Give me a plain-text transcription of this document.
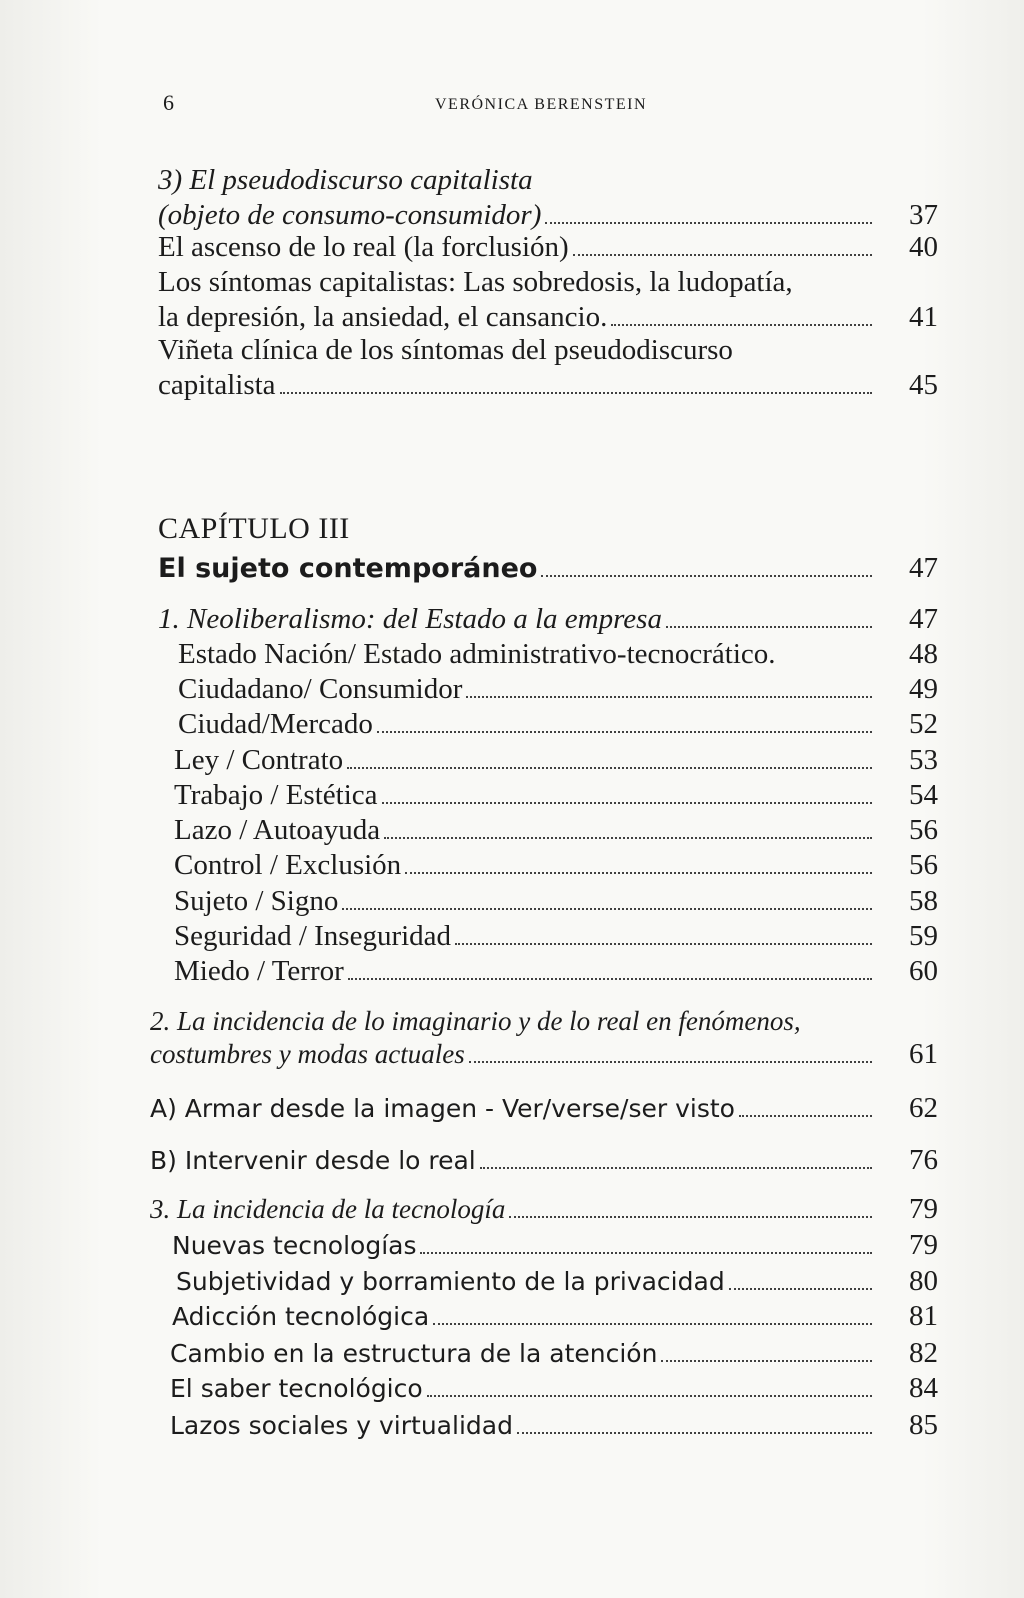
6	VERÓNICA BERENSTEIN
3) El pseudodiscurso capitalista
(objeto de consumo-consumidor)	37
El ascenso de lo real (la forclusión)	40
Los síntomas capitalistas: Las sobredosis, la ludopatía,
la depresión, la ansiedad, el cansancio.	41
Viñeta clínica de los síntomas del pseudodiscurso
capitalista	45
CAPÍTULO III
El sujeto contemporáneo	47
1. Neoliberalismo: del Estado a la empresa	47
Estado Nación/ Estado administrativo-tecnocrático.	48
Ciudadano/ Consumidor	49
Ciudad/Mercado	52
Ley / Contrato	53
Trabajo / Estética	54
Lazo / Autoayuda	56
Control / Exclusión	56
Sujeto / Signo	58
Seguridad / Inseguridad	59
Miedo / Terror	60
2. La incidencia de lo imaginario y de lo real en fenómenos,
costumbres y modas actuales	61
A) Armar desde la imagen - Ver/verse/ser visto	62
B) Intervenir desde lo real	76
3. La incidencia de la tecnología	79
Nuevas tecnologías	79
Subjetividad y borramiento de la privacidad	80
Adicción tecnológica	81
Cambio en la estructura de la atención	82
El saber tecnológico	84
Lazos sociales y virtualidad	85
